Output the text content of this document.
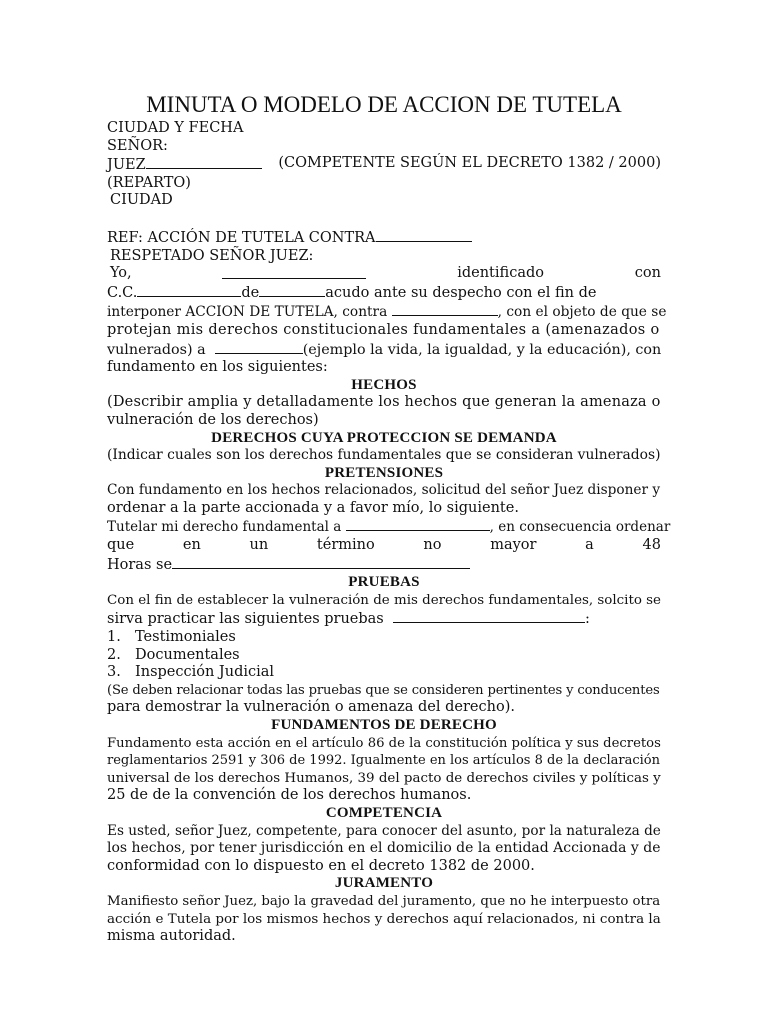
MINUTA O MODELO DE ACCION DE TUTELA
CIUDAD Y FECHA
SEÑOR:
JUEZ	(COMPETENTE SEGÚN EL DECRETO 1382 / 2000)
(REPARTO)
CIUDAD
REF: ACCIÓN DE TUTELA CONTRA
RESPETADO SEÑOR JUEZ:
Yo,	identificado	con
C.C.	de	acudo ante su despecho con el fin de
interponer ACCION DE TUTELA, contra	, con el objeto de que se
protejan mis derechos constitucionales fundamentales a (amenazados o
vulnerados) a	(ejemplo la vida, la igualdad, y la educación), con
fundamento en los siguientes:
HECHOS
(Describir amplia y detalladamente los hechos que generan la amenaza o
vulneración de los derechos)
DERECHOS CUYA PROTECCION SE DEMANDA
(Indicar cuales son los derechos fundamentales que se consideran vulnerados)
PRETENSIONES
Con fundamento en los hechos relacionados, solicitud del señor Juez disponer y
ordenar a la parte accionada y a favor mío, lo siguiente.
Tutelar mi derecho fundamental a	, en consecuencia ordenar
que	en	un	término	no	mayor	a	48
Horas se
PRUEBAS
Con el fin de establecer la vulneración de mis derechos fundamentales, solcito se
sirva practicar las siguientes pruebas	:
1. Testimoniales
2. Documentales
3. Inspección Judicial
(Se deben relacionar todas las pruebas que se consideren pertinentes y conducentes
para demostrar la vulneración o amenaza del derecho).
FUNDAMENTOS DE DERECHO
Fundamento esta acción en el artículo 86 de la constitución política y sus decretos
reglamentarios 2591 y 306 de 1992. Igualmente en los artículos 8 de la declaración
universal de los derechos Humanos, 39 del pacto de derechos civiles y políticas y
25 de de la convención de los derechos humanos.
COMPETENCIA
Es usted, señor Juez, competente, para conocer del asunto, por la naturaleza de
los hechos, por tener jurisdicción en el domicilio de la entidad Accionada y de
conformidad con lo dispuesto en el decreto 1382 de 2000.
JURAMENTO
Manifiesto señor Juez, bajo la gravedad del juramento, que no he interpuesto otra
acción e Tutela por los mismos hechos y derechos aquí relacionados, ni contra la
misma autoridad.
